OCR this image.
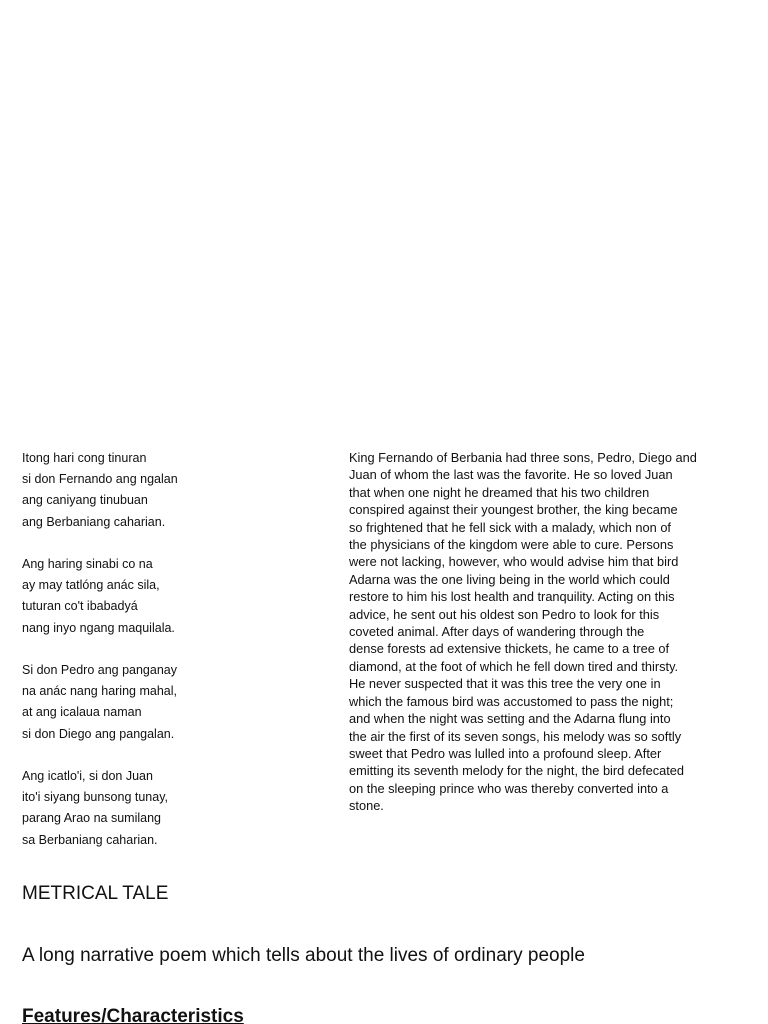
Itong hari cong tinuran
si don Fernando ang ngalan
ang caniyang tinubuan
ang Berbaniang caharian.
Ang haring sinabi co na
ay may tatlóng anác sila,
tuturan co't ibabadyá
nang inyo ngang maquilala.
Si don Pedro ang panganay
na anác nang haring mahal,
at ang icalaua naman
si don Diego ang pangalan.
Ang icatlo'i, si don Juan
ito'i siyang bunsong tunay,
parang Arao na sumilang
sa Berbaniang caharian.
King Fernando of Berbania had three sons, Pedro, Diego and
Juan of whom the last was the favorite. He so loved Juan
that when one night he dreamed that his two children
conspired against their youngest brother, the king became
so frightened that he fell sick with a malady, which non of
the physicians of the kingdom were able to cure. Persons
were not lacking, however, who would advise him that bird
Adarna was the one living being in the world which could
restore to him his lost health and tranquility. Acting on this
advice, he sent out his oldest son Pedro to look for this
coveted animal. After days of wandering through the
dense forests ad extensive thickets, he came to a tree of
diamond, at the foot of which he fell down tired and thirsty.
He never suspected that it was this tree the very one in
which the famous bird was accustomed to pass the night;
and when the night was setting and the Adarna flung into
the air the first of its seven songs, his melody was so softly
sweet that Pedro was lulled into a profound sleep. After
emitting its seventh melody for the night, the bird defecated
on the sleeping prince who was thereby converted into a
stone.
METRICAL TALE
A long narrative poem which tells about the lives of ordinary people
Features/Characteristics
